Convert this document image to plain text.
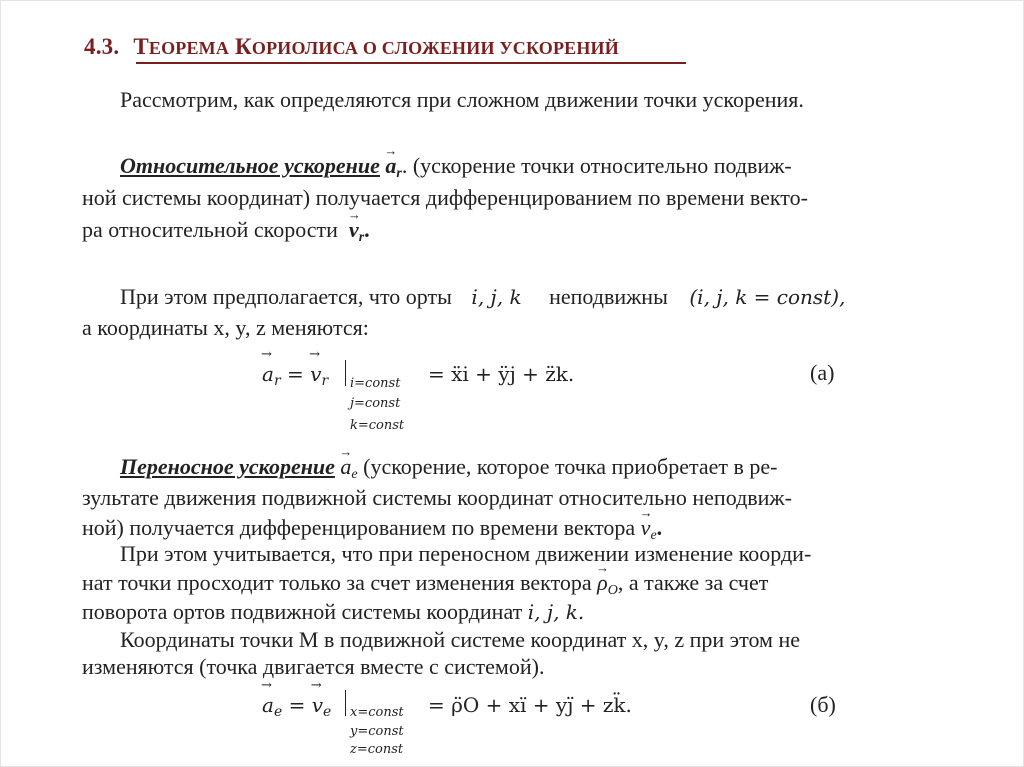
4.3. ТЕОРЕМА КОРИОЛИСА О СЛОЖЕНИИ УСКОРЕНИЙ
Рассмотрим, как определяются при сложном движении точки ускорения.
Относительное ускорение → $a_r$. (ускорение точки относительно подвиж-
ной системы координат) получается дифференцированием по времени векто-
ра относительной скорости → $v_r$.
При этом предполагается, что орты i, j, k неподвижны (i, j, k = const),
а координаты x, y, z меняются:
→ $a_r$ = → $v_r$	= ẍi + ÿj + z̈k.
i=const
j=const
k=const
(а)
Переносное ускорение → $a_e$ (ускорение, которое точка приобретает в ре-
зультате движения подвижной системы координат относительно неподвиж-
ной) получается дифференцированием по времени вектора → $v_e$.
При этом учитывается, что при переносном движении изменение коорди-
нат точки просходит только за счет изменения вектора → $\rho_O$, а также за счет
поворота ортов подвижной системы координат i, j, k.
Координаты точки M в подвижной системе координат x, y, z при этом не
изменяются (точка двигается вместе с системой).
→ $a_e$ = → $v_e$	= ρ̈O + xï + yj̈ + zk̈.
x=const
y=const
z=const
(б)
